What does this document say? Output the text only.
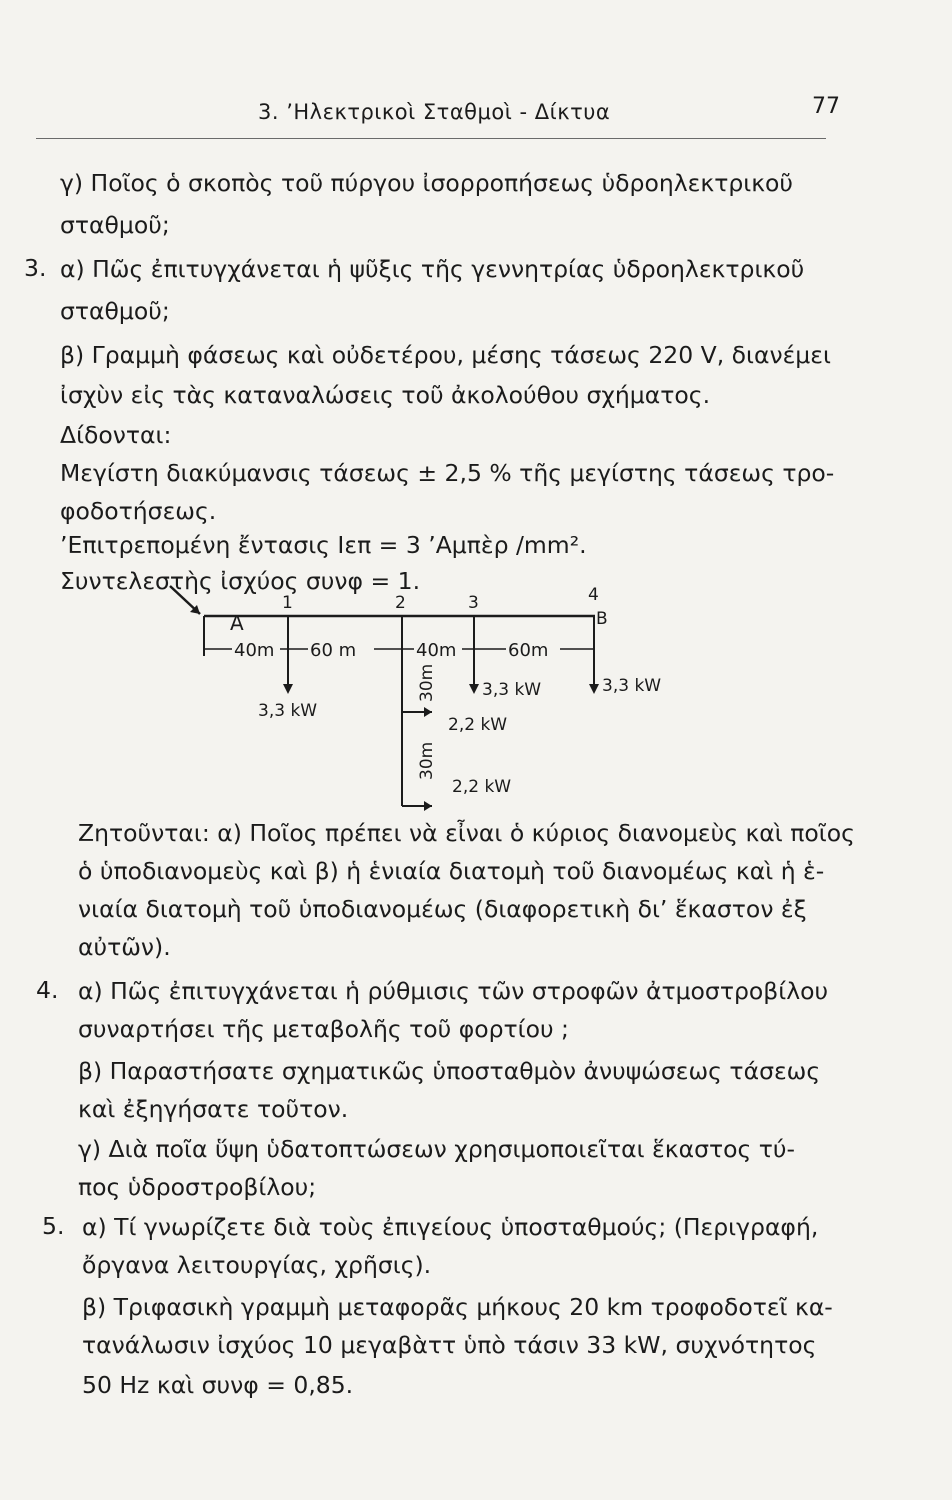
3. ’Ηλεκτρικοὶ Σταθμοὶ - Δίκτυα	77
γ) Ποῖος ὁ σκοπὸς τοῦ πύργου ἰσορροπήσεως ὑδροηλεκτρικοῦ
σταθμοῦ;
3. α) Πῶς ἐπιτυγχάνεται ἡ ψῦξις τῆς γεννητρίας ὑδροηλεκτρικοῦ
σταθμοῦ;
β) Γραμμὴ φάσεως καὶ οὐδετέρου, μέσης τάσεως 220 V, διανέμει
ἰσχὺν εἰς τὰς καταναλώσεις τοῦ ἀκολούθου σχήματος.
Δίδονται:
Μεγίστη διακύμανσις τάσεως ± 2,5 % τῆς μεγίστης τάσεως τρο-
φοδοτήσεως.
’Επιτρεπομένη ἔντασις Iεπ = 3 ’Αμπὲρ /mm².
Συντελεστὴς ἰσχύος συνφ = 1.
A
1	2	3	4
B
40m 60 m	40m	60m
30m
30m
3,3 kW
3,3 kW	3,3 kW
2,2 kW
2,2 kW
Ζητοῦνται: α) Ποῖος πρέπει νὰ εἶναι ὁ κύριος διανομεὺς καὶ ποῖος
ὁ ὑποδιανομεὺς καὶ β) ἡ ἑνιαία διατομὴ τοῦ διανομέως καὶ ἡ ἑ-
νιαία διατομὴ τοῦ ὑποδιανομέως (διαφορετικὴ δι’ ἕκαστον ἐξ
αὐτῶν).
4. α) Πῶς ἐπιτυγχάνεται ἡ ρύθμισις τῶν στροφῶν ἀτμοστροβίλου
συναρτήσει τῆς μεταβολῆς τοῦ φορτίου ;
β) Παραστήσατε σχηματικῶς ὑποσταθμὸν ἀνυψώσεως τάσεως
καὶ ἐξηγήσατε τοῦτον.
γ) Διὰ ποῖα ὕψη ὑδατοπτώσεων χρησιμοποιεῖται ἕκαστος τύ-
πος ὑδροστροβίλου;
5. α) Τί γνωρίζετε διὰ τοὺς ἐπιγείους ὑποσταθμούς; (Περιγραφή,
ὄργανα λειτουργίας, χρῆσις).
β) Τριφασικὴ γραμμὴ μεταφορᾶς μήκους 20 km τροφοδοτεῖ κα-
τανάλωσιν ἰσχύος 10 μεγαβὰττ ὑπὸ τάσιν 33 kW, συχνότητος
50 Hz καὶ συνφ = 0,85.
